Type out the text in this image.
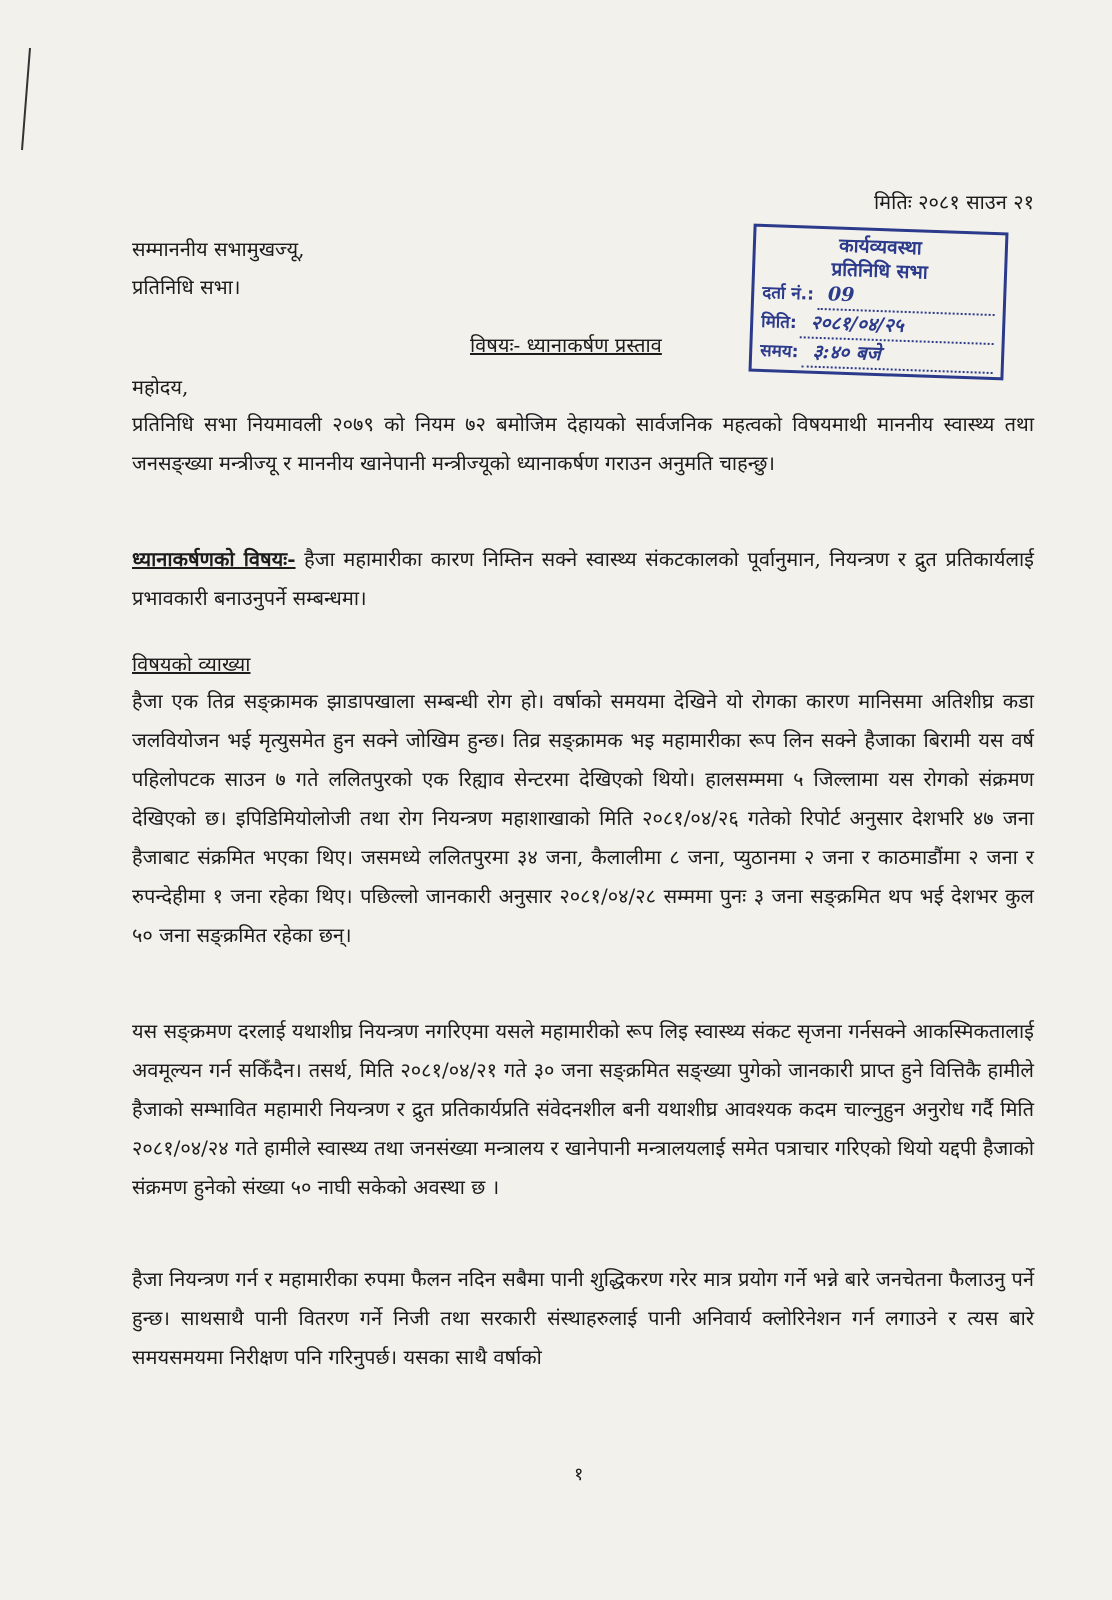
मितिः २०८१ साउन २१
सम्माननीय सभामुखज्यू,
प्रतिनिधि सभा।
कार्यव्यवस्था
प्रतिनिधि सभा
दर्ता नं.: 09
मिति: २०८१/०४/२५
समय: ३:४० बजे
विषयः- ध्यानाकर्षण प्रस्ताव
महोदय,
प्रतिनिधि सभा नियमावली २०७९ को नियम ७२ बमोजिम देहायको सार्वजनिक महत्वको विषयमाथी माननीय स्वास्थ्य तथा जनसङ्ख्या मन्त्रीज्यू र माननीय खानेपानी मन्त्रीज्यूको ध्यानाकर्षण गराउन अनुमति चाहन्छु।
ध्यानाकर्षणको विषयः- हैजा महामारीका कारण निम्तिन सक्ने स्वास्थ्य संकटकालको पूर्वानुमान, नियन्त्रण र द्रुत प्रतिकार्यलाई प्रभावकारी बनाउनुपर्ने सम्बन्धमा।
विषयको व्याख्या
हैजा एक तिव्र सङ्क्रामक झाडापखाला सम्बन्धी रोग हो। वर्षाको समयमा देखिने यो रोगका कारण मानिसमा अतिशीघ्र कडा जलवियोजन भई मृत्युसमेत हुन सक्ने जोखिम हुन्छ। तिव्र सङ्क्रामक भइ महामारीका रूप लिन सक्ने हैजाका बिरामी यस वर्ष पहिलोपटक साउन ७ गते ललितपुरको एक रिह्याव सेन्टरमा देखिएको थियो। हालसम्ममा ५ जिल्लामा यस रोगको संक्रमण देखिएको छ। इपिडिमियोलोजी तथा रोग नियन्त्रण महाशाखाको मिति २०८१/०४/२६ गतेको रिपोर्ट अनुसार देशभरि ४७ जना हैजाबाट संक्रमित भएका थिए। जसमध्ये ललितपुरमा ३४ जना, कैलालीमा ८ जना, प्युठानमा २ जना र काठमाडौंमा २ जना र रुपन्देहीमा १ जना रहेका थिए। पछिल्लो जानकारी अनुसार २०८१/०४/२८ सम्ममा पुनः ३ जना सङ्क्रमित थप भई देशभर कुल ५० जना सङ्क्रमित रहेका छन्।
यस सङ्क्रमण दरलाई यथाशीघ्र नियन्त्रण नगरिएमा यसले महामारीको रूप लिइ स्वास्थ्य संकट सृजना गर्नसक्ने आकस्मिकतालाई अवमूल्यन गर्न सकिँदैन। तसर्थ, मिति २०८१/०४/२१ गते ३० जना सङ्क्रमित सङ्ख्या पुगेको जानकारी प्राप्त हुने वित्तिकै हामीले हैजाको सम्भावित महामारी नियन्त्रण र द्रुत प्रतिकार्यप्रति संवेदनशील बनी यथाशीघ्र आवश्यक कदम चाल्नुहुन अनुरोध गर्दै मिति २०८१/०४/२४ गते हामीले स्वास्थ्य तथा जनसंख्या मन्त्रालय र खानेपानी मन्त्रालयलाई समेत पत्राचार गरिएको थियो यद्दपी हैजाको संक्रमण हुनेको संख्या ५० नाघी सकेको अवस्था छ ।
हैजा नियन्त्रण गर्न र महामारीका रुपमा फैलन नदिन सबैमा पानी शुद्धिकरण गरेर मात्र प्रयोग गर्ने भन्ने बारे जनचेतना फैलाउनु पर्ने हुन्छ। साथसाथै पानी वितरण गर्ने निजी तथा सरकारी संस्थाहरुलाई पानी अनिवार्य क्लोरिनेशन गर्न लगाउने र त्यस बारे समयसमयमा निरीक्षण पनि गरिनुपर्छ। यसका साथै वर्षाको
१
